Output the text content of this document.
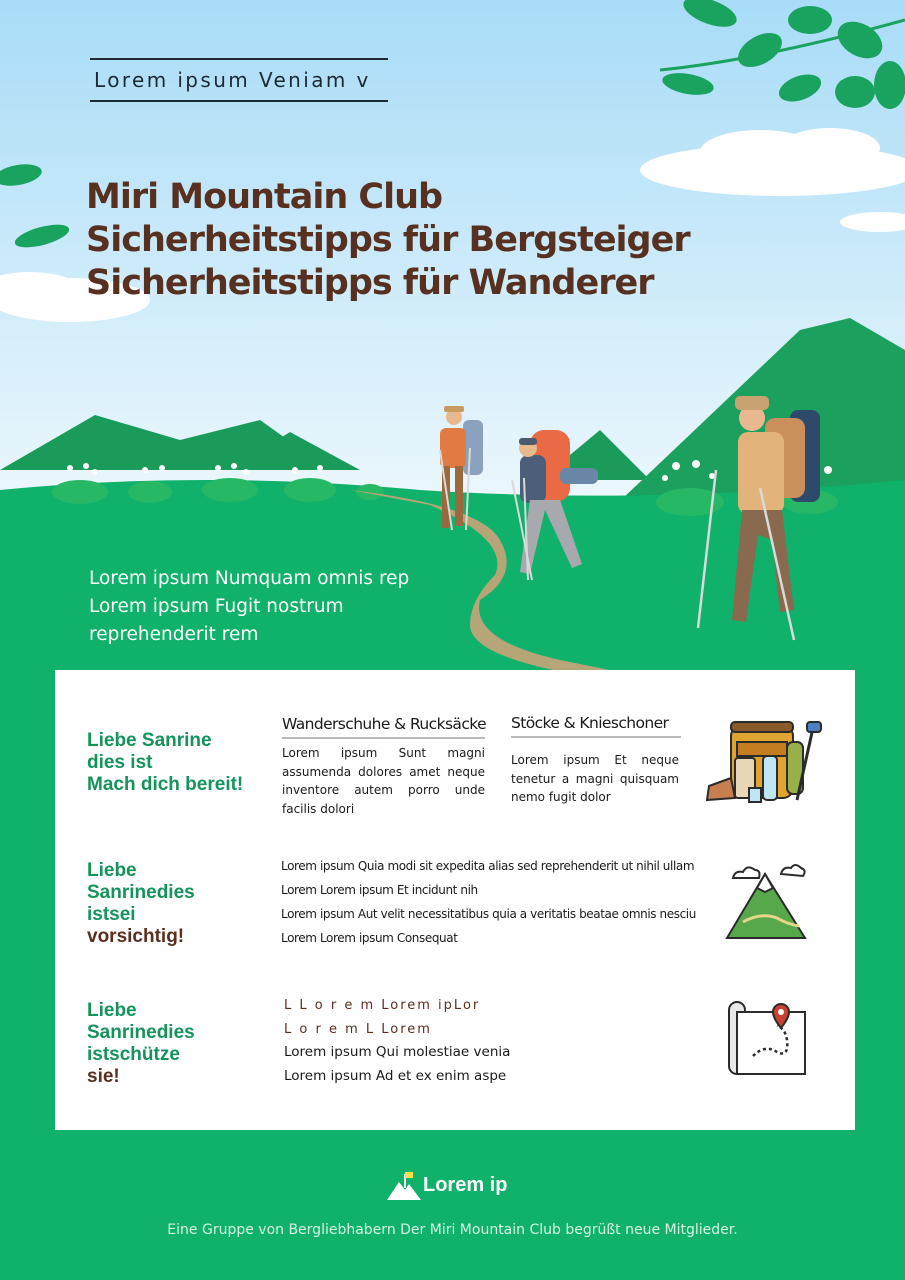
Lorem ipsum Veniam v
Miri Mountain Club
Sicherheitstipps für Bergsteiger
Sicherheitstipps für Wanderer
Lorem ipsum Numquam omnis rep
Lorem ipsum Fugit nostrum
reprehenderit rem
Liebe Sanrine
dies ist
Mach dich bereit!
Wanderschuhe & Rucksäcke
Lorem ipsum Sunt magni assumenda dolores amet neque inventore autem porro unde facilis dolori
Stöcke & Knieschoner
Lorem ipsum Et neque tenetur a magni quisquam nemo fugit dolor
Liebe
Sanrinedies
istsei
vorsichtig!
Lorem ipsum Quia modi sit expedita alias sed reprehenderit ut nihil ullam
Lorem Lorem ipsum Et incidunt nih
Lorem ipsum Aut velit necessitatibus quia a veritatis beatae omnis nesciu
Lorem Lorem ipsum Consequat
Liebe
Sanrinedies
istschütze
sie!
L L o r e m Lorem ipLor
L o r e m L Lorem
Lorem ipsum Qui molestiae venia
Lorem ipsum Ad et ex enim aspe
Lorem ip
Eine Gruppe von Bergliebhabern Der Miri Mountain Club begrüßt neue Mitglieder.
